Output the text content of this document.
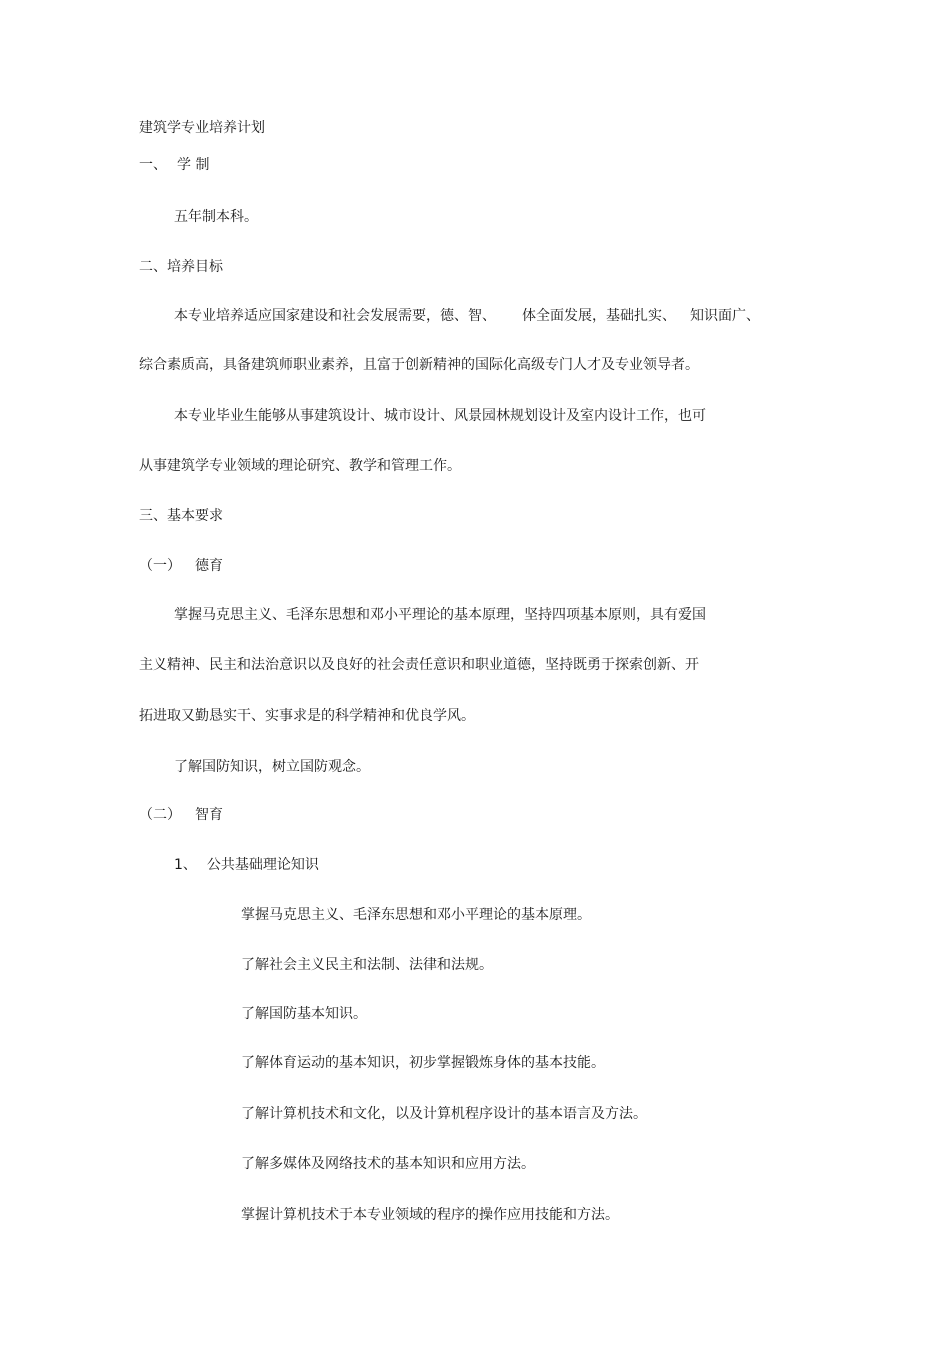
建筑学专业培养计划
一、 学 制

五年制本科。

二、培养目标

本专业培养适应国家建设和社会发展需要，德、智、 体全面发展，基础扎实、 知识面广、

综合素质高，具备建筑师职业素养，且富于创新精神的国际化高级专门人才及专业领导者。

本专业毕业生能够从事建筑设计、城市设计、风景园林规划设计及室内设计工作，也可

从事建筑学专业领域的理论研究、教学和管理工作。

三、基本要求
（一） 德育

掌握马克思主义、毛泽东思想和邓小平理论的基本原理，坚持四项基本原则，具有爱国

主义精神、民主和法治意识以及良好的社会责任意识和职业道德，坚持既勇于探索创新、开

拓进取又勤恳实干、实事求是的科学精神和优良学风。

了解国防知识，树立国防观念。

（二） 智育
1、 公共基础理论知识

掌握马克思主义、毛泽东思想和邓小平理论的基本原理。

了解社会主义民主和法制、法律和法规。

了解国防基本知识。

了解体育运动的基本知识，初步掌握锻炼身体的基本技能。

了解计算机技术和文化，以及计算机程序设计的基本语言及方法。

了解多媒体及网络技术的基本知识和应用方法。

掌握计算机技术于本专业领域的程序的操作应用技能和方法。
